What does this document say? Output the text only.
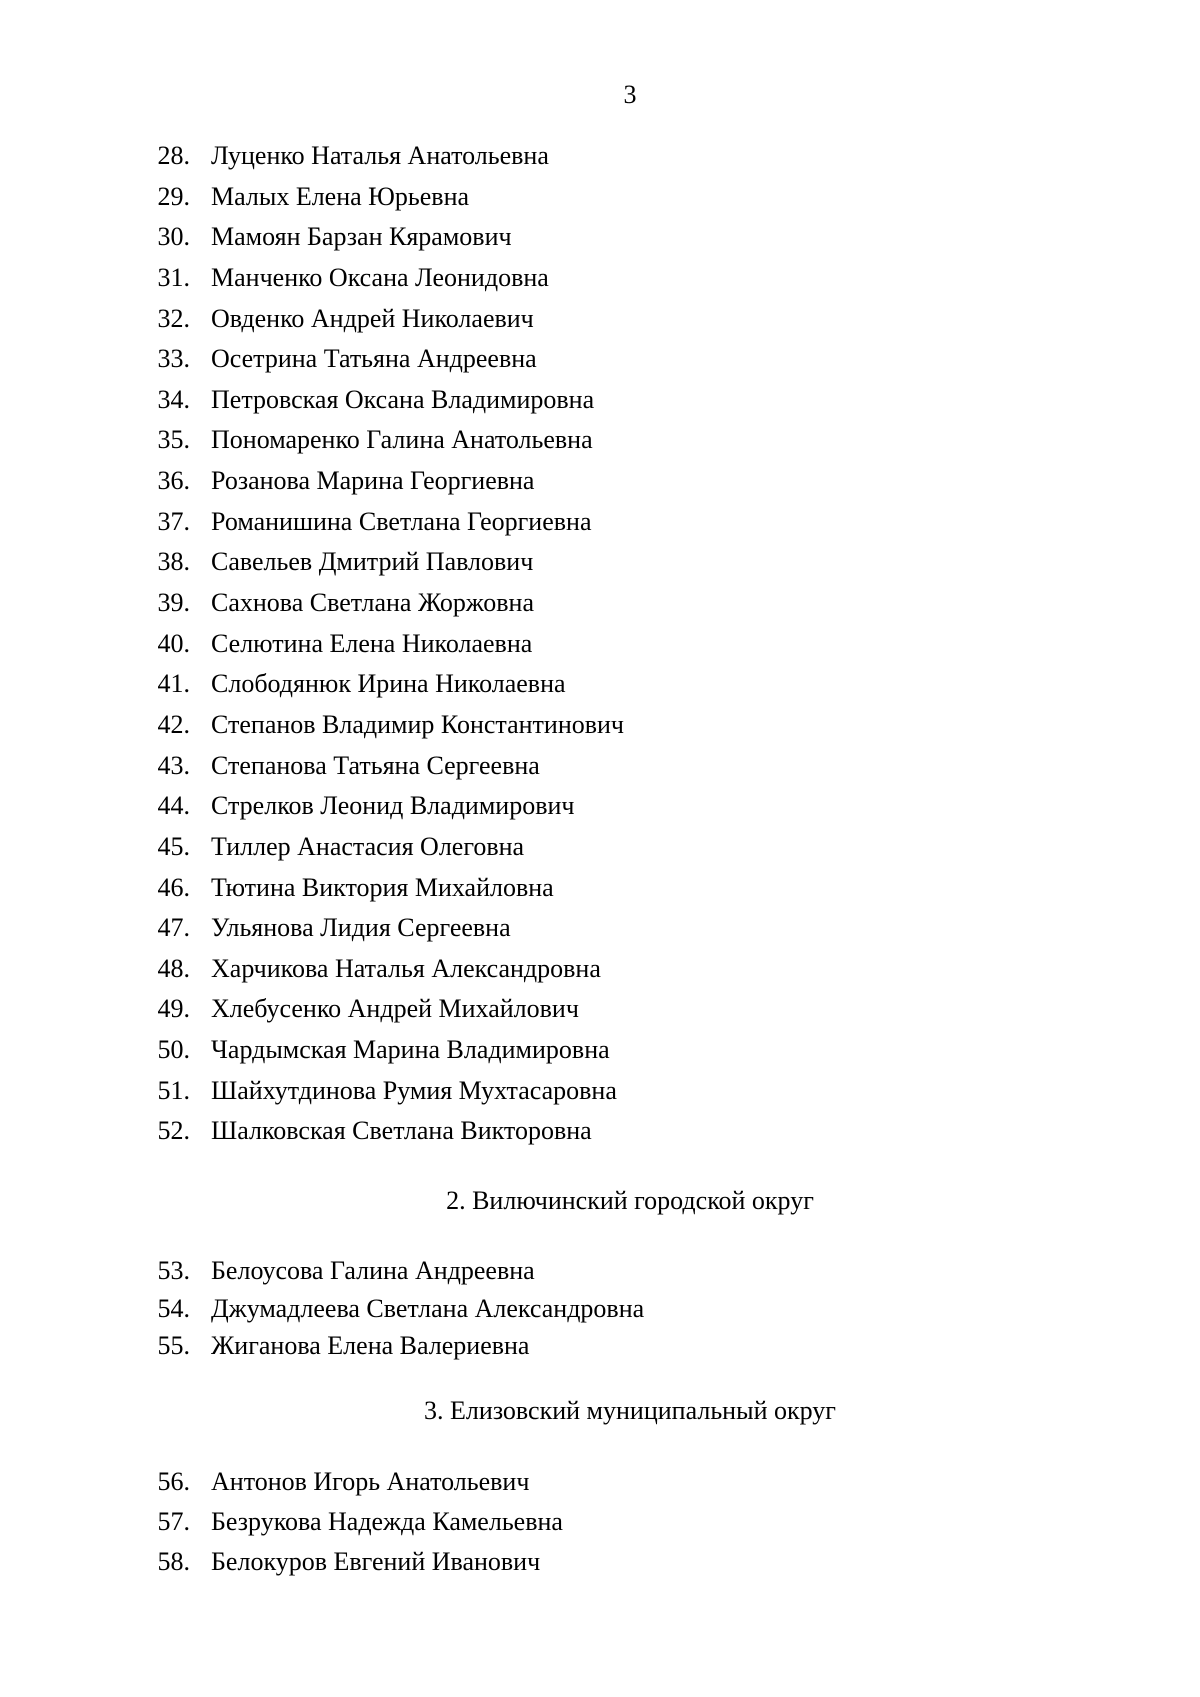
3
28. Луценко Наталья Анатольевна
29. Малых Елена Юрьевна
30. Мамоян Барзан Кярамович
31. Манченко Оксана Леонидовна
32. Овденко Андрей Николаевич
33. Осетрина Татьяна Андреевна
34. Петровская Оксана Владимировна
35. Пономаренко Галина Анатольевна
36. Розанова Марина Георгиевна
37. Романишина Светлана Георгиевна
38. Савельев Дмитрий Павлович
39. Сахнова Светлана Жоржовна
40. Селютина Елена Николаевна
41. Слободянюк Ирина Николаевна
42. Степанов Владимир Константинович
43. Степанова Татьяна Сергеевна
44. Стрелков Леонид Владимирович
45. Тиллер Анастасия Олеговна
46. Тютина Виктория Михайловна
47. Ульянова Лидия Сергеевна
48. Харчикова Наталья Александровна
49. Хлебусенко Андрей Михайлович
50. Чардымская Марина Владимировна
51. Шайхутдинова Румия Мухтасаровна
52. Шалковская Светлана Викторовна
2. Вилючинский городской округ
53. Белоусова Галина Андреевна
54. Джумадлеева Светлана Александровна
55. Жиганова Елена Валериевна
3. Елизовский муниципальный округ
56. Антонов Игорь Анатольевич
57. Безрукова Надежда Камельевна
58. Белокуров Евгений Иванович
